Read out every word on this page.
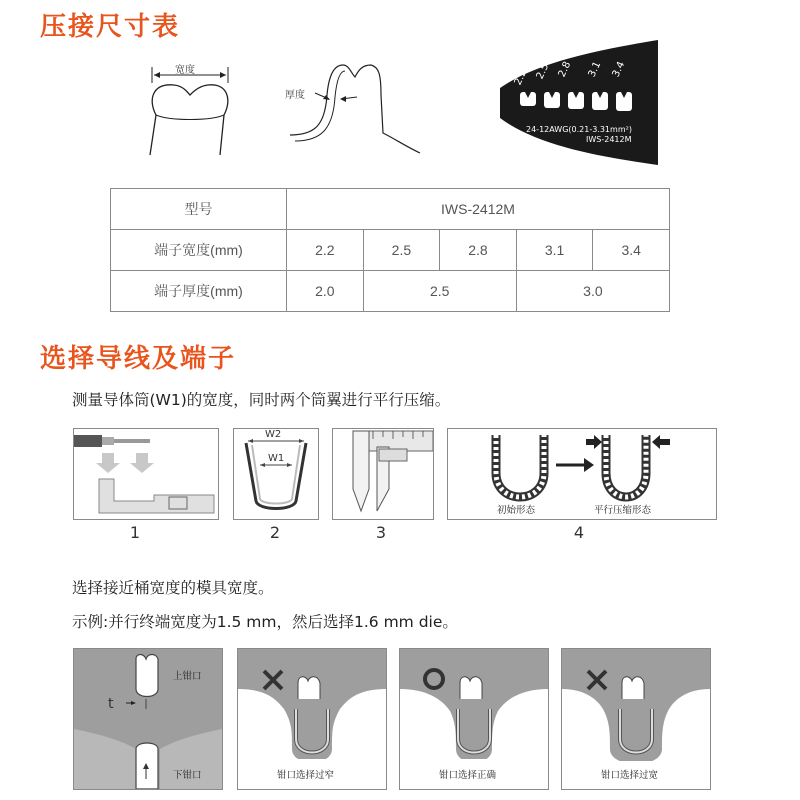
压接尺寸表
宽度
厚度
2.2 2.5 2.8 3.1 3.4
24-12AWG(0.21-3.31mm²)
IWS-2412M
型号	IWS-2412M				
端子宽度(mm)	2.2	2.5	2.8	3.1	3.4
端子厚度(mm)	2.0	2.5		3.0	
选择导线及端子
测量导体筒(W1)的宽度，同时两个筒翼进行平行压缩。
1
W2
W1
2	3
初始形态	平行压缩形态
4
选择接近桶宽度的模具宽度。
示例:并行终端宽度为1.5 mm，然后选择1.6 mm die。
t
上钳口
下钳口	钳口选择过窄	钳口选择正确	钳口选择过宽
